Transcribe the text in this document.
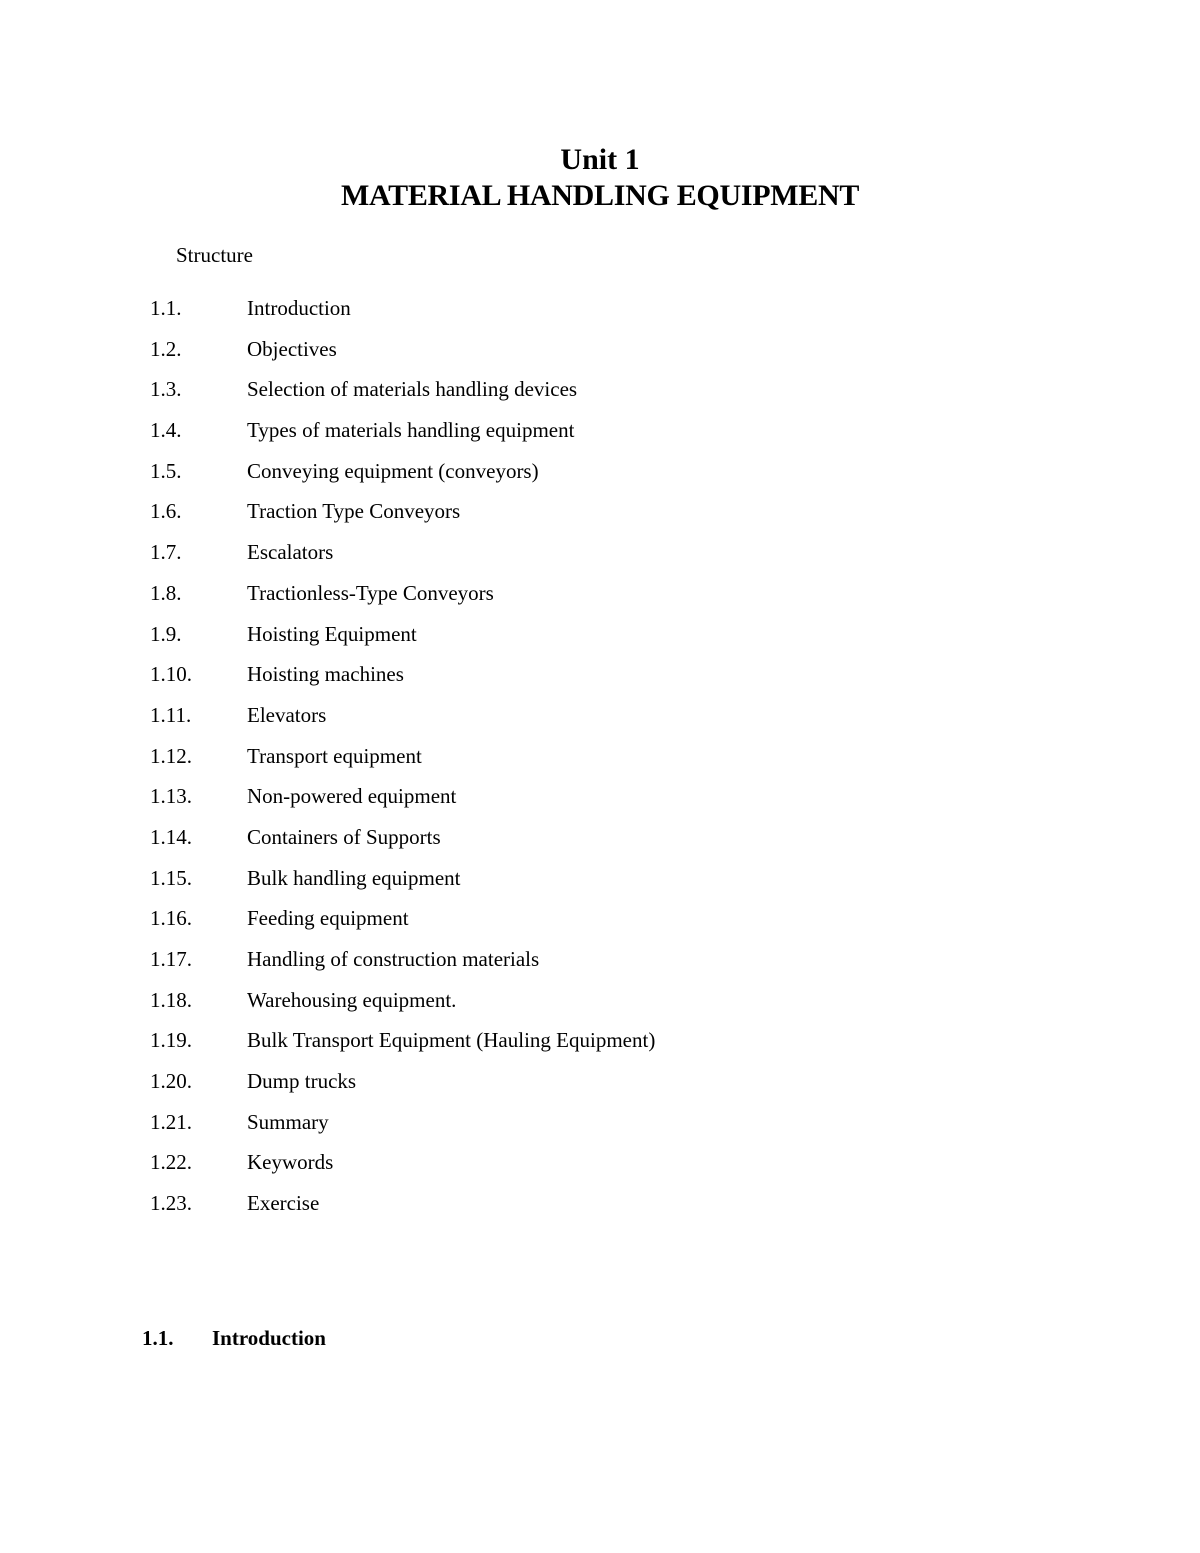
Unit 1
MATERIAL HANDLING EQUIPMENT
Structure
1.1.	Introduction
1.2.	Objectives
1.3.	Selection of materials handling devices
1.4.	Types of materials handling equipment
1.5.	Conveying equipment (conveyors)
1.6.	Traction Type Conveyors
1.7.	Escalators
1.8.	Tractionless-Type Conveyors
1.9.	Hoisting Equipment
1.10.	Hoisting machines
1.11.	Elevators
1.12.	Transport equipment
1.13.	Non-powered equipment
1.14.	Containers of Supports
1.15.	Bulk handling equipment
1.16.	Feeding equipment
1.17.	Handling of construction materials
1.18.	Warehousing equipment.
1.19.	Bulk Transport Equipment (Hauling Equipment)
1.20.	Dump trucks
1.21.	Summary
1.22.	Keywords
1.23.	Exercise
1.1. Introduction
